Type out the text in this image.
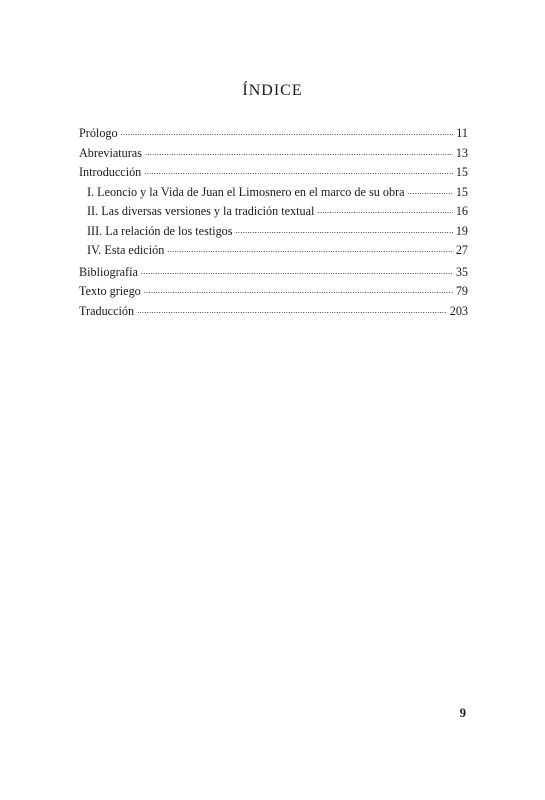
ÍNDICE
Prólogo .....	11
Abreviaturas .....	13
Introducción .....	15
I. Leoncio y la Vida de Juan el Limosnero en el marco de su obra .....	15
II. Las diversas versiones y la tradición textual .....	16
III. La relación de los testigos .....	19
IV. Esta edición .....	27
Bibliografía .....	35
Texto griego .....	79
Traducción .....	203
9
